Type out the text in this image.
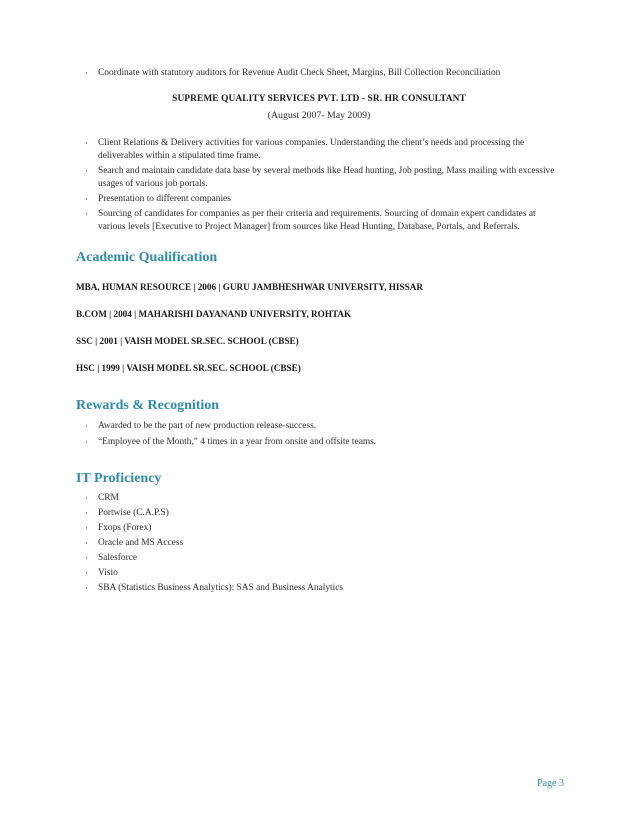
· Coordinate with statutory auditors for Revenue Audit Check Sheet, Margins, Bill Collection Reconciliation
SUPREME QUALITY SERVICES PVT. LTD - SR. HR CONSULTANT
(August 2007- May 2009)
· Client Relations & Delivery activities for various companies. Understanding the client’s needs and processing the deliverables within a stipulated time frame.
· Search and maintain candidate data base by several methods like Head hunting, Job posting, Mass mailing with excessive usages of various job portals.
· Presentation to different companies
· Sourcing of candidates for companies as per their criteria and requirements. Sourcing of domain expert candidates at various levels [Executive to Project Manager] from sources like Head Hunting, Database, Portals, and Referrals.
Academic Qualification
MBA, HUMAN RESOURCE | 2006 | GURU JAMBHESHWAR UNIVERSITY, HISSAR
B.COM | 2004 | MAHARISHI DAYANAND UNIVERSITY, ROHTAK
SSC | 2001 | VAISH MODEL SR.SEC. SCHOOL (CBSE)
HSC | 1999 | VAISH MODEL SR.SEC. SCHOOL (CBSE)
Rewards & Recognition
· Awarded to be the part of new production release-success.
· “Employee of the Month,” 4 times in a year from onsite and offsite teams.
IT Proficiency
· CRM
· Portwise (C.A.P.S)
· Fxops (Forex)
· Oracle and MS Access
· Salesforce
· Visio
· SBA (Statistics Business Analytics): SAS and Business Analytics
Page 3
